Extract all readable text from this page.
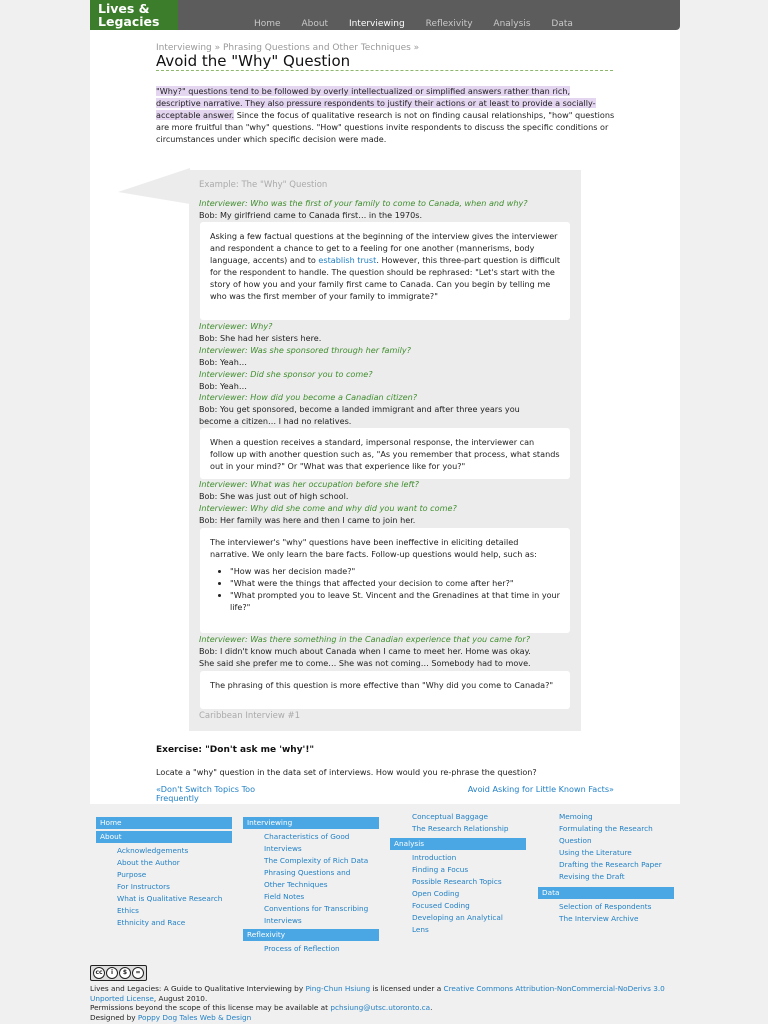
Lives &
Legacies	Home About Interviewing Reflexivity Analysis Data
Interviewing » Phrasing Questions and Other Techniques »
Avoid the "Why" Question
"Why?" questions tend to be followed by overly intellectualized or simplified answers rather than rich, descriptive narrative. They also pressure respondents to justify their actions or at least to provide a socially-acceptable answer. Since the focus of qualitative research is not on finding causal relationships, "how" questions are more fruitful than "why" questions. "How" questions invite respondents to discuss the specific conditions or circumstances under which specific decision were made.
Example: The "Why" Question
Interviewer: Who was the first of your family to come to Canada, when and why?
Bob: My girlfriend came to Canada first… in the 1970s.
Asking a few factual questions at the beginning of the interview gives the interviewer and respondent a chance to get to a feeling for one another (mannerisms, body language, accents) and to establish trust. However, this three-part question is difficult for the respondent to handle. The question should be rephrased: "Let's start with the story of how you and your family first came to Canada. Can you begin by telling me who was the first member of your family to immigrate?"
Interviewer: Why?
Bob: She had her sisters here.
Interviewer: Was she sponsored through her family?
Bob: Yeah…
Interviewer: Did she sponsor you to come?
Bob: Yeah…
Interviewer: How did you become a Canadian citizen?
Bob: You get sponsored, become a landed immigrant and after three years you
become a citizen… I had no relatives.
When a question receives a standard, impersonal response, the interviewer can follow up with another question such as, "As you remember that process, what stands out in your mind?" Or "What was that experience like for you?"
Interviewer: What was her occupation before she left?
Bob: She was just out of high school.
Interviewer: Why did she come and why did you want to come?
Bob: Her family was here and then I came to join her.
The interviewer's "why" questions have been ineffective in eliciting detailed narrative. We only learn the bare facts. Follow-up questions would help, such as:
• "How was her decision made?"
• "What were the things that affected your decision to come after her?"
• "What prompted you to leave St. Vincent and the Grenadines at that time in your life?"
Interviewer: Was there something in the Canadian experience that you came for?
Bob: I didn't know much about Canada when I came to meet her. Home was okay.
She said she prefer me to come… She was not coming… Somebody had to move.
The phrasing of this question is more effective than "Why did you come to Canada?"
Caribbean Interview #1
Exercise: "Don't ask me 'why'!"
Locate a "why" question in the data set of interviews. How would you re-phrase the question?
«Don't Switch Topics Too Frequently
Avoid Asking for Little Known Facts»
Home
About
Acknowledgements
About the Author
Purpose
For Instructors
What is Qualitative Research
Ethics
Ethnicity and Race
Interviewing
Characteristics of Good
Interviews
The Complexity of Rich Data
Phrasing Questions and
Other Techniques
Field Notes
Conventions for Transcribing
Interviews
Reflexivity
Process of Reflection
Conceptual Baggage
The Research Relationship
Analysis
Introduction
Finding a Focus
Possible Research Topics
Open Coding
Focused Coding
Developing an Analytical
Lens
Memoing
Formulating the Research
Question
Using the Literature
Drafting the Research Paper
Revising the Draft
Data
Selection of Respondents
The Interview Archive
cc	i	$	=
Lives and Legacies: A Guide to Qualitative Interviewing by Ping-Chun Hsiung is licensed under a Creative Commons Attribution-NonCommercial-NoDerivs 3.0 Unported License, August 2010.
Permissions beyond the scope of this license may be available at pchsiung@utsc.utoronto.ca.
Designed by Poppy Dog Tales Web & Design
